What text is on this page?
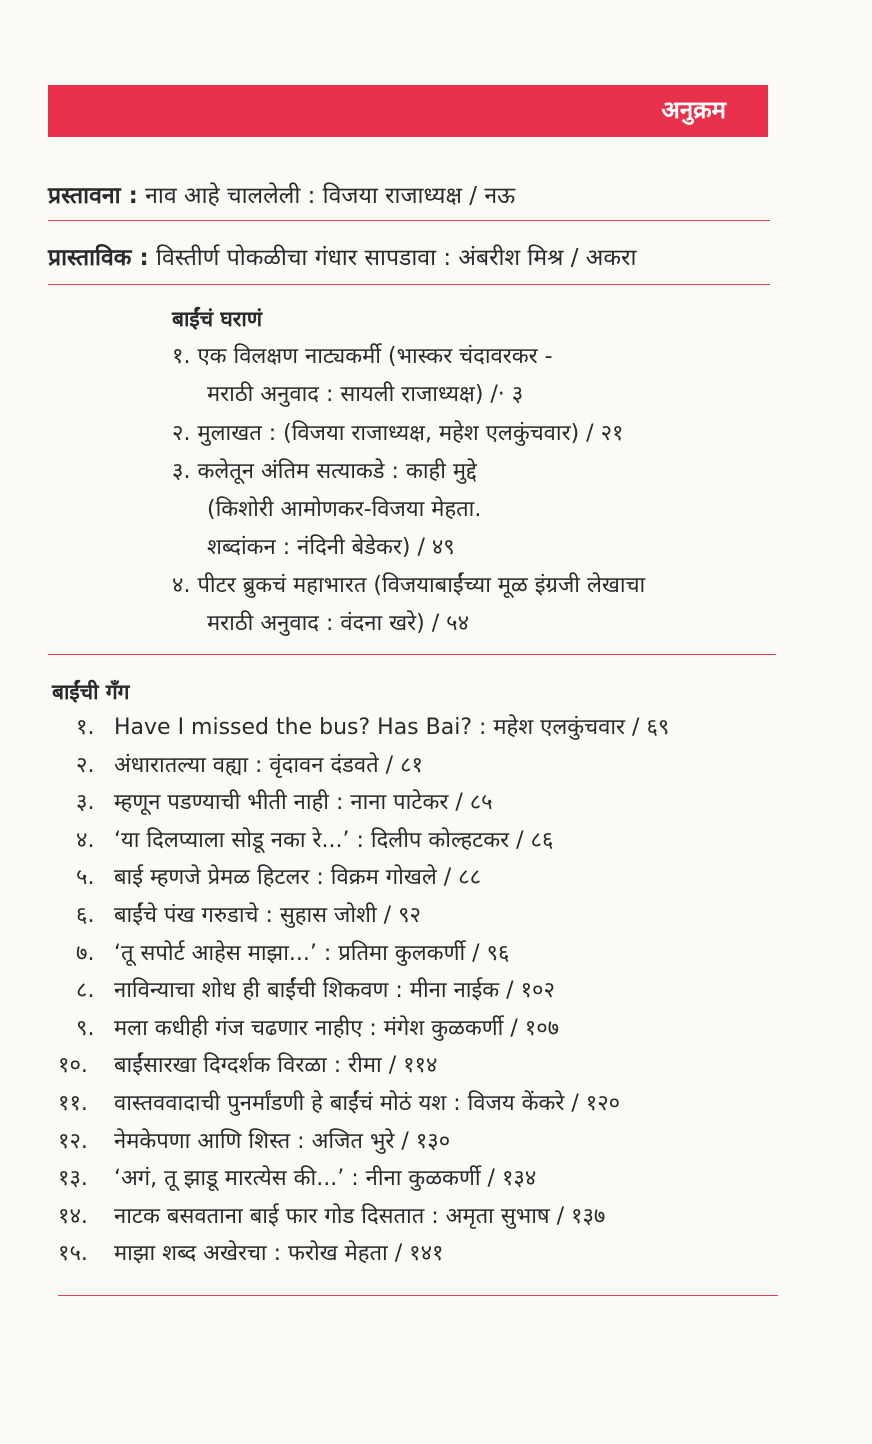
अनुक्रम
प्रस्तावना : नाव आहे चाललेली : विजया राजाध्यक्ष / नऊ
प्रास्ताविक : विस्तीर्ण पोकळीचा गंधार सापडावा : अंबरीश मिश्र / अकरा
बाईंचं घराणं
१. एक विलक्षण नाट्यकर्मी (भास्कर चंदावरकर -
मराठी अनुवाद : सायली राजाध्यक्ष) /· ३
२. मुलाखत : (विजया राजाध्यक्ष, महेश एलकुंचवार) / २१
३. कलेतून अंतिम सत्याकडे : काही मुद्दे
(किशोरी आमोणकर-विजया मेहता.
शब्दांकन : नंदिनी बेडेकर) / ४९
४. पीटर ब्रुकचं महाभारत (विजयाबाईंच्या मूळ इंग्रजी लेखाचा
मराठी अनुवाद : वंदना खरे) / ५४
बाईंची गँग
१. Have I missed the bus? Has Bai? : महेश एलकुंचवार / ६९
२. अंधारातल्या वह्या : वृंदावन दंडवते / ८१
३. म्हणून पडण्याची भीती नाही : नाना पाटेकर / ८५
४. ‘या दिलप्याला सोडू नका रे...’ : दिलीप कोल्हटकर / ८६
५. बाई म्हणजे प्रेमळ हिटलर : विक्रम गोखले / ८८
६. बाईंचे पंख गरुडाचे : सुहास जोशी / ९२
७. ‘तू सपोर्ट आहेस माझा...’ : प्रतिमा कुलकर्णी / ९६
८. नाविन्याचा शोध ही बाईंची शिकवण : मीना नाईक / १०२
९. मला कधीही गंज चढणार नाहीए : मंगेश कुळकर्णी / १०७
१०. बाईंसारखा दिग्दर्शक विरळा : रीमा / ११४
११. वास्तववादाची पुनर्मांडणी हे बाईंचं मोठं यश : विजय केंकरे / १२०
१२. नेमकेपणा आणि शिस्त : अजित भुरे / १३०
१३. ‘अगं, तू झाडू मारत्येस की...’ : नीना कुळकर्णी / १३४
१४. नाटक बसवताना बाई फार गोड दिसतात : अमृता सुभाष / १३७
१५. माझा शब्द अखेरचा : फरोख मेहता / १४१
